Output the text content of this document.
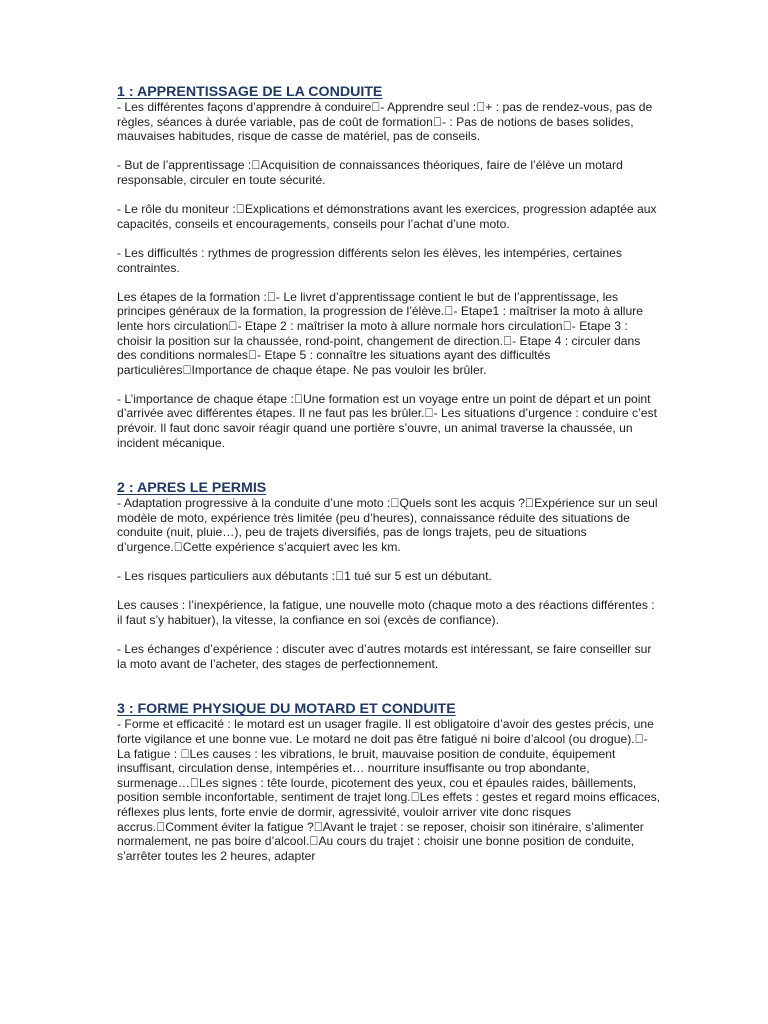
1 : APPRENTISSAGE DE LA CONDUITE

- Les différentes façons d’apprendre à conduire - Apprendre seul : + : pas de rendez-vous, pas de règles, séances à durée variable, pas de coût de formation - : Pas de notions de bases solides, mauvaises habitudes, risque de casse de matériel, pas de conseils.

- But de l’apprentissage : Acquisition de connaissances théoriques, faire de l’élève un motard responsable, circuler en toute sécurité.

- Le rôle du moniteur : Explications et démonstrations avant les exercices, progression adaptée aux capacités, conseils et encouragements, conseils pour l’achat d’une moto.

- Les difficultés : rythmes de progression différents selon les élèves, les intempéries, certaines contraintes.

Les étapes de la formation : - Le livret d’apprentissage contient le but de l’apprentissage, les principes généraux de la formation, la progression de l’élève. - Etape1 : maîtriser la moto à allure lente hors circulation - Etape 2 : maîtriser la moto à allure normale hors circulation - Etape 3 : choisir la position sur la chaussée, rond-point, changement de direction. - Etape 4 : circuler dans des conditions normales - Etape 5 : connaître les situations ayant des difficultés particulières Importance de chaque étape. Ne pas vouloir les brûler.

- L’importance de chaque étape : Une formation est un voyage entre un point de départ et un point d’arrivée avec différentes étapes. Il ne faut pas les brûler. - Les situations d’urgence : conduire c’est prévoir. Il faut donc savoir réagir quand une portière s’ouvre, un animal traverse la chaussée, un incident mécanique.

2 : APRES LE PERMIS

- Adaptation progressive à la conduite d’une moto : Quels sont les acquis ? Expérience sur un seul modèle de moto, expérience très limitée (peu d’heures), connaissance réduite des situations de conduite (nuit, pluie…), peu de trajets diversifiés, pas de longs trajets, peu de situations d’urgence. Cette expérience s’acquiert avec les km.

- Les risques particuliers aux débutants : 1 tué sur 5 est un débutant.

Les causes : l’inexpérience, la fatigue, une nouvelle moto (chaque moto a des réactions différentes : il faut s’y habituer), la vitesse, la confiance en soi (excès de confiance).

- Les échanges d’expérience : discuter avec d’autres motards est intéressant, se faire conseiller sur la moto avant de l’acheter, des stages de perfectionnement.

3 : FORME PHYSIQUE DU MOTARD ET CONDUITE

- Forme et efficacité : le motard est un usager fragile. Il est obligatoire d’avoir des gestes précis, une forte vigilance et une bonne vue. Le motard ne doit pas être fatigué ni boire d’alcool (ou drogue). - La fatigue :  Les causes : les vibrations, le bruit, mauvaise position de conduite, équipement insuffisant, circulation dense, intempéries et… nourriture insuffisante ou trop abondante, surmenage… Les signes : tête lourde, picotement des yeux, cou et épaules raides, bâillements, position semble inconfortable, sentiment de trajet long. Les effets : gestes et regard moins efficaces, réflexes plus lents, forte envie de dormir, agressivité, vouloir arriver vite donc risques accrus. Comment éviter la fatigue ? Avant le trajet : se reposer, choisir son itinéraire, s’alimenter normalement, ne pas boire d’alcool. Au cours du trajet : choisir une bonne position de conduite, s’arrêter toutes les 2 heures, adapter
